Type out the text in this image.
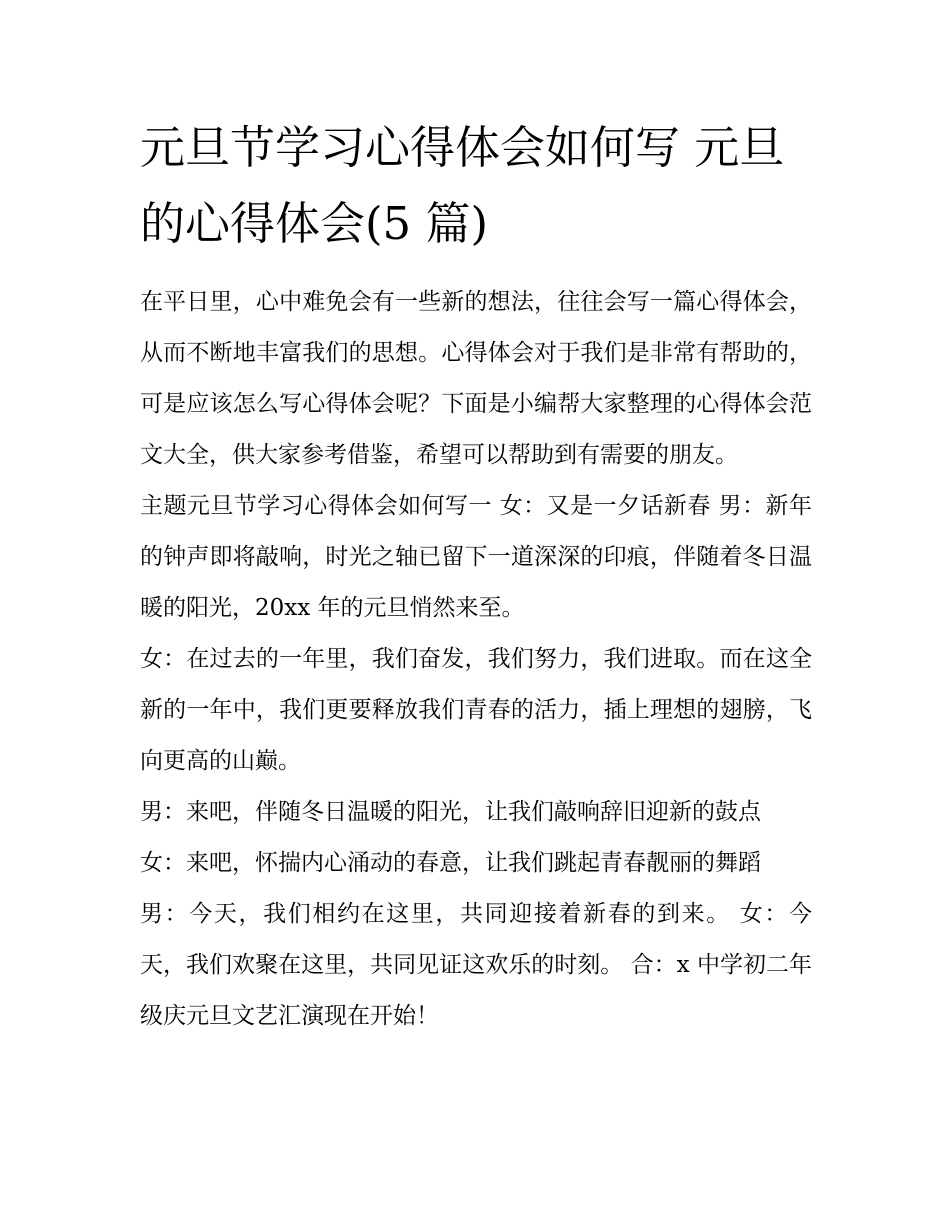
元旦节学习心得体会如何写 元旦的心得体会(5 篇)

在平日里，心中难免会有一些新的想法，往往会写一篇心得体会，从而不断地丰富我们的思想。心得体会对于我们是非常有帮助的，可是应该怎么写心得体会呢？下面是小编帮大家整理的心得体会范文大全，供大家参考借鉴，希望可以帮助到有需要的朋友。

主题元旦节学习心得体会如何写一 女：又是一夕话新春 男：新年的钟声即将敲响，时光之轴已留下一道深深的印痕，伴随着冬日温暖的阳光，20xx 年的元旦悄然来至。

女：在过去的一年里，我们奋发，我们努力，我们进取。而在这全新的一年中，我们更要释放我们青春的活力，插上理想的翅膀，飞向更高的山巅。

男：来吧，伴随冬日温暖的阳光，让我们敲响辞旧迎新的鼓点

女：来吧，怀揣内心涌动的春意，让我们跳起青春靓丽的舞蹈

男：今天，我们相约在这里，共同迎接着新春的到来。 女：今天，我们欢聚在这里，共同见证这欢乐的时刻。 合：x 中学初二年级庆元旦文艺汇演现在开始！
